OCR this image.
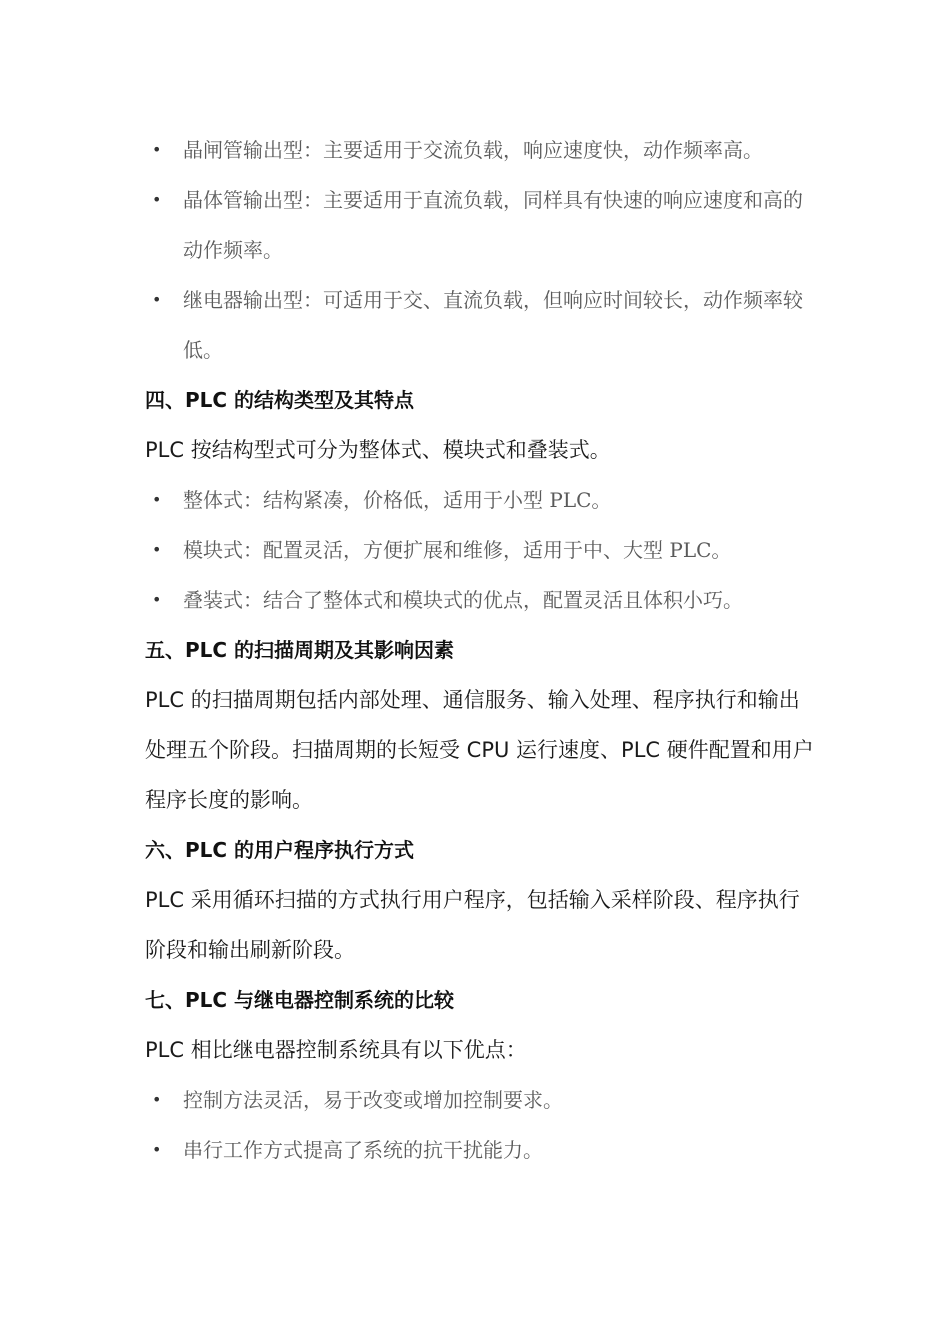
• 晶闸管输出型：主要适用于交流负载，响应速度快，动作频率高。
• 晶体管输出型：主要适用于直流负载，同样具有快速的响应速度和高的动作频率。
• 继电器输出型：可适用于交、直流负载，但响应时间较长，动作频率较低。
四、PLC 的结构类型及其特点

PLC 按结构型式可分为整体式、模块式和叠装式。

• 整体式：结构紧凑，价格低，适用于小型 PLC。
• 模块式：配置灵活，方便扩展和维修，适用于中、大型 PLC。
• 叠装式：结合了整体式和模块式的优点，配置灵活且体积小巧。
五、PLC 的扫描周期及其影响因素

PLC 的扫描周期包括内部处理、通信服务、输入处理、程序执行和输出处理五个阶段。扫描周期的长短受 CPU 运行速度、PLC 硬件配置和用户程序长度的影响。

六、PLC 的用户程序执行方式

PLC 采用循环扫描的方式执行用户程序，包括输入采样阶段、程序执行阶段和输出刷新阶段。

七、PLC 与继电器控制系统的比较

PLC 相比继电器控制系统具有以下优点：

• 控制方法灵活，易于改变或增加控制要求。
• 串行工作方式提高了系统的抗干扰能力。
